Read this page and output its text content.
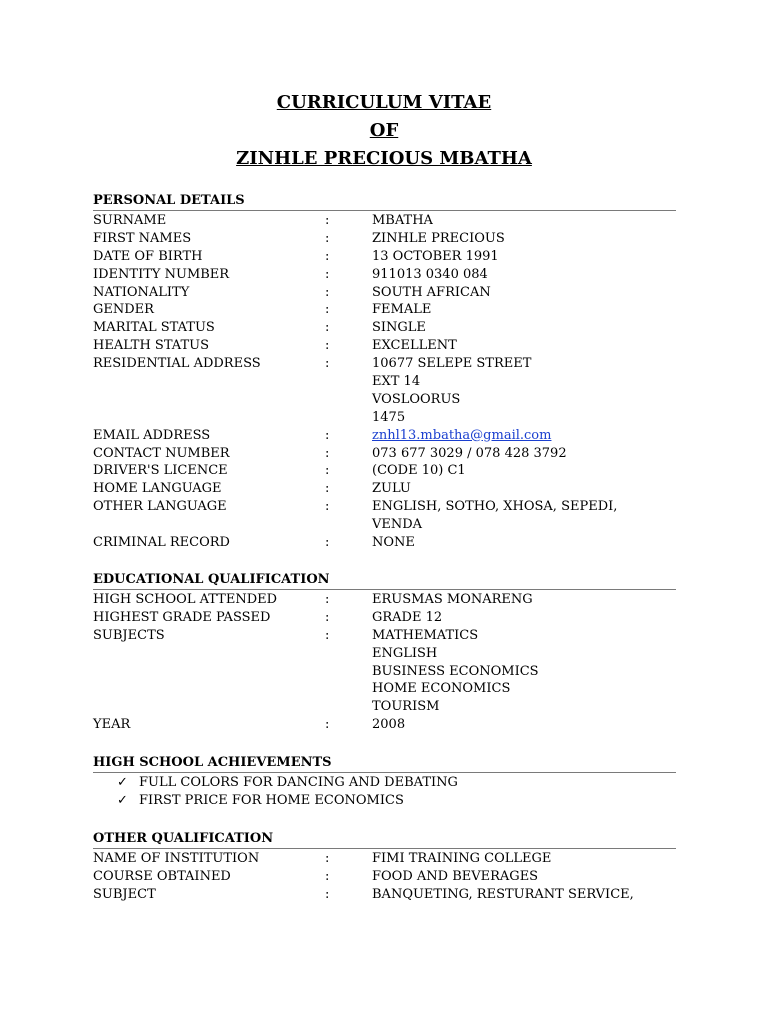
CURRICULUM VITAE
OF
ZINHLE PRECIOUS MBATHA
PERSONAL DETAILS
SURNAME	:	MBATHA
FIRST NAMES	:	ZINHLE PRECIOUS
DATE OF BIRTH	:	13 OCTOBER 1991
IDENTITY NUMBER	:	911013 0340 084
NATIONALITY	:	SOUTH AFRICAN
GENDER	:	FEMALE
MARITAL STATUS	:	SINGLE
HEALTH STATUS	:	EXCELLENT
RESIDENTIAL ADDRESS	:	10677 SELEPE STREET
EXT 14
VOSLOORUS
1475
EMAIL ADDRESS	:	znhl13.mbatha@gmail.com
CONTACT NUMBER	:	073 677 3029 / 078 428 3792
DRIVER'S LICENCE	:	(CODE 10) C1
HOME LANGUAGE	:	ZULU
OTHER LANGUAGE	:	ENGLISH, SOTHO, XHOSA, SEPEDI,
VENDA
CRIMINAL RECORD	:	NONE
EDUCATIONAL QUALIFICATION
HIGH SCHOOL ATTENDED	:	ERUSMAS MONARENG
HIGHEST GRADE PASSED	:	GRADE 12
SUBJECTS	:	MATHEMATICS
ENGLISH
BUSINESS ECONOMICS
HOME ECONOMICS
TOURISM
YEAR	:	2008
HIGH SCHOOL ACHIEVEMENTS
✓ FULL COLORS FOR DANCING AND DEBATING
✓ FIRST PRICE FOR HOME ECONOMICS
OTHER QUALIFICATION
NAME OF INSTITUTION	:	FIMI TRAINING COLLEGE
COURSE OBTAINED	:	FOOD AND BEVERAGES
SUBJECT	:	BANQUETING, RESTURANT SERVICE,
